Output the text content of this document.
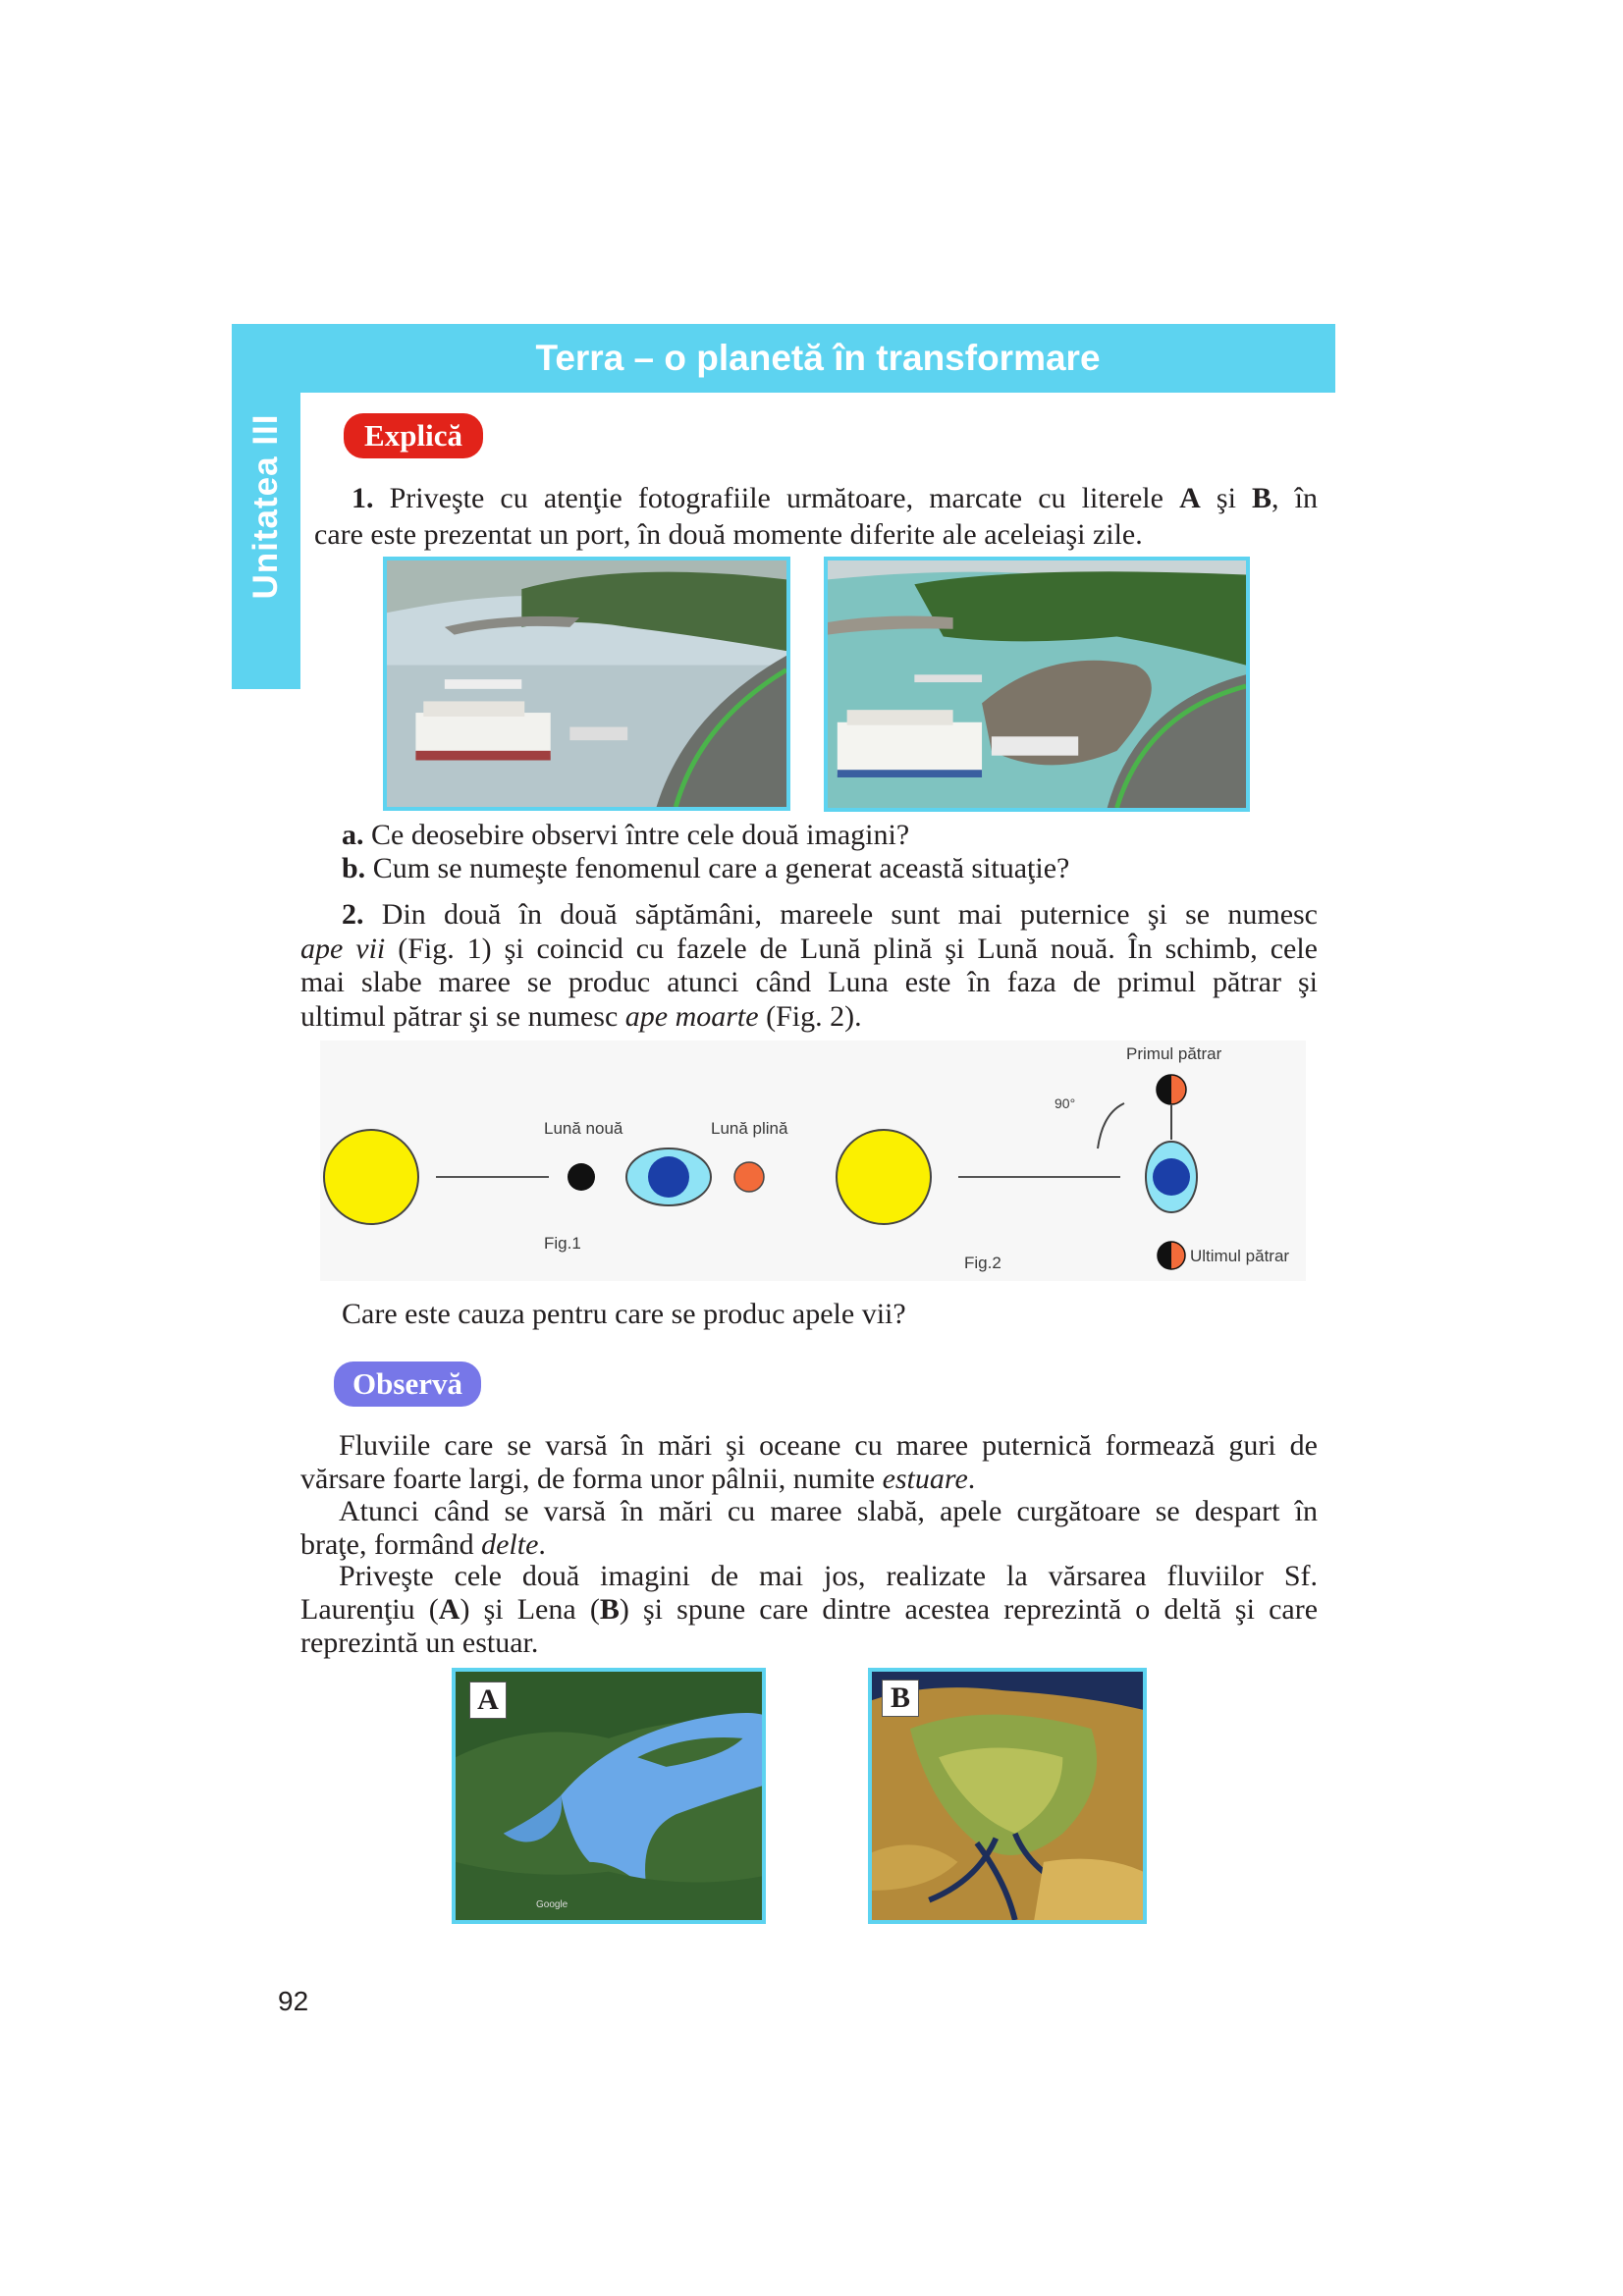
Unitatea III
Terra – o planetă în transformare
Explică
1. Priveşte cu atenţie fotografiile următoare, marcate cu literele A şi B, în
care este prezentat un port, în două momente diferite ale aceleiaşi zile.
a. Ce deosebire observi între cele două imagini?
b. Cum se numeşte fenomenul care a generat această situaţie?
2. Din două în două săptămâni, mareele sunt mai puternice şi se numesc
ape vii (Fig. 1) şi coincid cu fazele de Lună plină şi Lună nouă. În schimb, cele
mai slabe maree se produc atunci când Luna este în faza de primul pătrar şi
ultimul pătrar şi se numesc ape moarte (Fig. 2).
Lună nouă	Lună plină
Fig.1
Primul pătrar
90°
Fig.2	Ultimul pătrar
Care este cauza pentru care se produc apele vii?
Observă
Fluviile care se varsă în mări şi oceane cu maree puternică formează guri de
vărsare foarte largi, de forma unor pâlnii, numite estuare.
Atunci când se varsă în mări cu maree slabă, apele curgătoare se despart în
braţe, formând delte.
Priveşte cele două imagini de mai jos, realizate la vărsarea fluviilor Sf.
Laurenţiu (A) şi Lena (B) şi spune care dintre acestea reprezintă o deltă şi care
reprezintă un estuar.
A
Google
B
92
